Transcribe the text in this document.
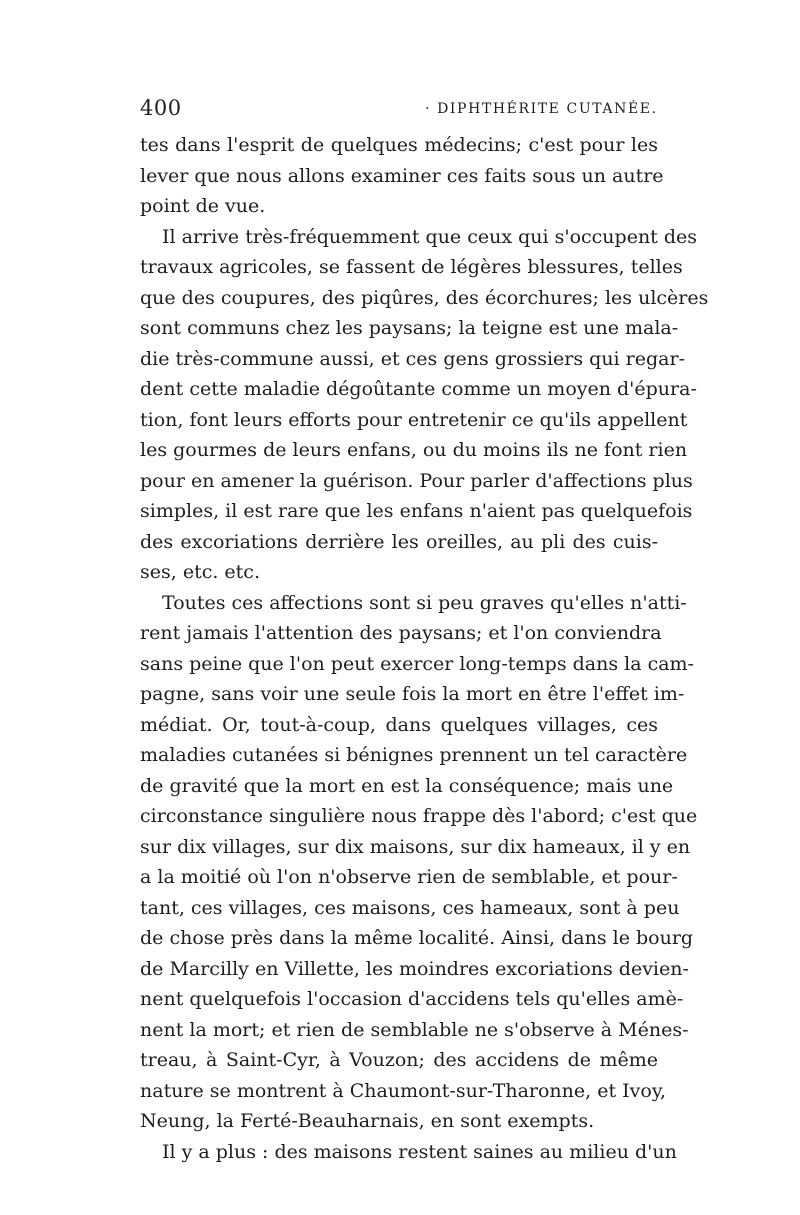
400	· DIPHTHÉRITE CUTANÉE.
tes dans l'esprit de quelques médecins; c'est pour les
lever que nous allons examiner ces faits sous un autre
point de vue.
Il arrive très-fréquemment que ceux qui s'occupent des
travaux agricoles, se fassent de légères blessures, telles
que des coupures, des piqûres, des écorchures; les ulcères
sont communs chez les paysans; la teigne est une mala-
die très-commune aussi, et ces gens grossiers qui regar-
dent cette maladie dégoûtante comme un moyen d'épura-
tion, font leurs efforts pour entretenir ce qu'ils appellent
les gourmes de leurs enfans, ou du moins ils ne font rien
pour en amener la guérison. Pour parler d'affections plus
simples, il est rare que les enfans n'aient pas quelquefois
des excoriations derrière les oreilles, au pli des cuis-
ses, etc. etc.
Toutes ces affections sont si peu graves qu'elles n'atti-
rent jamais l'attention des paysans; et l'on conviendra
sans peine que l'on peut exercer long-temps dans la cam-
pagne, sans voir une seule fois la mort en être l'effet im-
médiat. Or, tout-à-coup, dans quelques villages, ces
maladies cutanées si bénignes prennent un tel caractère
de gravité que la mort en est la conséquence; mais une
circonstance singulière nous frappe dès l'abord; c'est que
sur dix villages, sur dix maisons, sur dix hameaux, il y en
a la moitié où l'on n'observe rien de semblable, et pour-
tant, ces villages, ces maisons, ces hameaux, sont à peu
de chose près dans la même localité. Ainsi, dans le bourg
de Marcilly en Villette, les moindres excoriations devien-
nent quelquefois l'occasion d'accidens tels qu'elles amè-
nent la mort; et rien de semblable ne s'observe à Ménes-
treau, à Saint-Cyr, à Vouzon; des accidens de même
nature se montrent à Chaumont-sur-Tharonne, et Ivoy,
Neung, la Ferté-Beauharnais, en sont exempts.
Il y a plus : des maisons restent saines au milieu d'un
